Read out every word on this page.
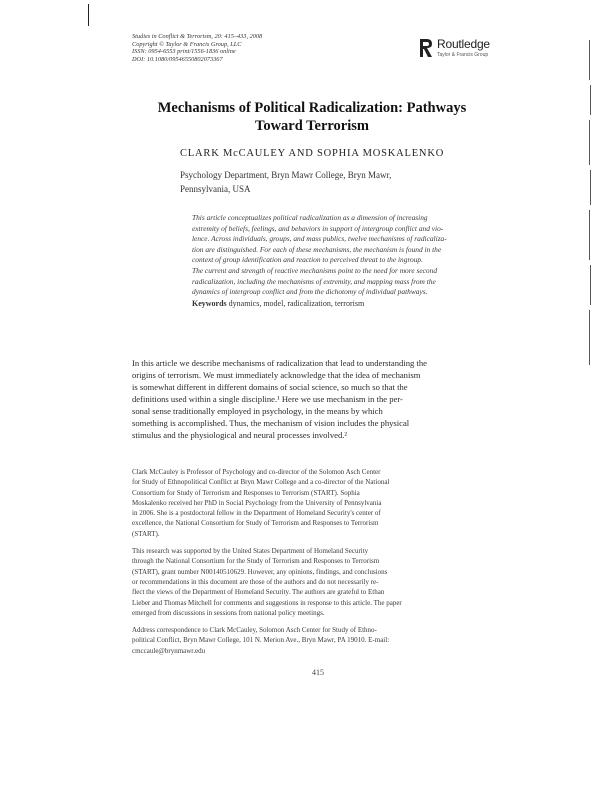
Studies in Conflict & Terrorism, 20: 415–433, 2008
Copyright © Taylor & Francis Group, LLC
ISSN: 0954-6553 print/1556-1836 online
DOI: 10.1080/09546550802073367
Routledge
Taylor & Francis Group
Mechanisms of Political Radicalization: Pathways
Toward Terrorism
CLARK McCAULEY AND SOPHIA MOSKALENKO
Psychology Department, Bryn Mawr College, Bryn Mawr,
Pennsylvania, USA
This article conceptualizes political radicalization as a dimension of increasing
extremity of beliefs, feelings, and behaviors in support of intergroup conflict and vio-
lence. Across individuals, groups, and mass publics, twelve mechanisms of radicaliza-
tion are distinguished. For each of these mechanisms, the mechanism is found in the
context of group identification and reaction to perceived threat to the ingroup.
The current and strength of reactive mechanisms point to the need for more second
radicalization, including the mechanisms of extremity, and mapping mass from the
dynamics of intergroup conflict and from the dichotomy of individual pathways.
Keywords dynamics, model, radicalization, terrorism
In this article we describe mechanisms of radicalization that lead to understanding the
origins of terrorism. We must immediately acknowledge that the idea of mechanism
is somewhat different in different domains of social science, so much so that the
definitions used within a single discipline.¹ Here we use mechanism in the per-
sonal sense traditionally employed in psychology, in the means by which
something is accomplished. Thus, the mechanism of vision includes the physical
stimulus and the physiological and neural processes involved.²
Clark McCauley is Professor of Psychology and co-director of the Solomon Asch Center
for Study of Ethnopolitical Conflict at Bryn Mawr College and a co-director of the National
Consortium for Study of Terrorism and Responses to Terrorism (START). Sophia
Moskalenko received her PhD in Social Psychology from the University of Pennsylvania
in 2006. She is a postdoctoral fellow in the Department of Homeland Security's center of
excellence, the National Consortium for Study of Terrorism and Responses to Terrorism
(START).
This research was supported by the United States Department of Homeland Security
through the National Consortium for the Study of Terrorism and Responses to Terrorism
(START), grant number N00140510629. However, any opinions, findings, and conclusions
or recommendations in this document are those of the authors and do not necessarily re-
flect the views of the Department of Homeland Security. The authors are grateful to Ethan
Lieber and Thomas Mitchell for comments and suggestions in response to this article. The paper
emerged from discussions in sessions from national policy meetings.
Address correspondence to Clark McCauley, Solomon Asch Center for Study of Ethno-
political Conflict, Bryn Mawr College, 101 N. Merion Ave., Bryn Mawr, PA 19010. E-mail:
cmccaule@brynmawr.edu
415
